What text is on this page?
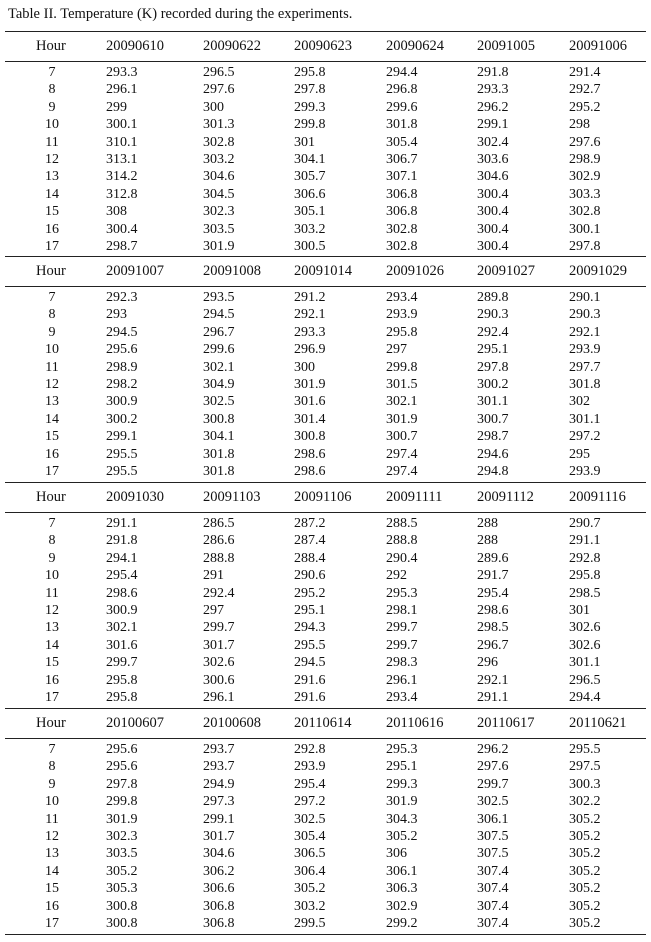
Table II. Temperature (K) recorded during the experiments.
Hour	20090610	20090622 20090623 20090624 20091005 20091006
7	293.3	296.5	295.8	294.4	291.8	291.4
8	296.1	297.6	297.8	296.8	293.3	292.7
9	299	300	299.3	299.6	296.2	295.2
10	300.1	301.3	299.8	301.8	299.1	298
11	310.1	302.8	301	305.4	302.4	297.6
12	313.1	303.2	304.1	306.7	303.6	298.9
13	314.2	304.6	305.7	307.1	304.6	302.9
14	312.8	304.5	306.6	306.8	300.4	303.3
15	308	302.3	305.1	306.8	300.4	302.8
16	300.4	303.5	303.2	302.8	300.4	300.1
17	298.7	301.9	300.5	302.8	300.4	297.8
Hour	20091007	20091008 20091014 20091026 20091027 20091029
7	292.3	293.5	291.2	293.4	289.8	290.1
8	293	294.5	292.1	293.9	290.3	290.3
9	294.5	296.7	293.3	295.8	292.4	292.1
10	295.6	299.6	296.9	297	295.1	293.9
11	298.9	302.1	300	299.8	297.8	297.7
12	298.2	304.9	301.9	301.5	300.2	301.8
13	300.9	302.5	301.6	302.1	301.1	302
14	300.2	300.8	301.4	301.9	300.7	301.1
15	299.1	304.1	300.8	300.7	298.7	297.2
16	295.5	301.8	298.6	297.4	294.6	295
17	295.5	301.8	298.6	297.4	294.8	293.9
Hour	20091030	20091103 20091106 20091111 20091112 20091116
7	291.1	286.5	287.2	288.5	288	290.7
8	291.8	286.6	287.4	288.8	288	291.1
9	294.1	288.8	288.4	290.4	289.6	292.8
10	295.4	291	290.6	292	291.7	295.8
11	298.6	292.4	295.2	295.3	295.4	298.5
12	300.9	297	295.1	298.1	298.6	301
13	302.1	299.7	294.3	299.7	298.5	302.6
14	301.6	301.7	295.5	299.7	296.7	302.6
15	299.7	302.6	294.5	298.3	296	301.1
16	295.8	300.6	291.6	296.1	292.1	296.5
17	295.8	296.1	291.6	293.4	291.1	294.4
Hour	20100607	20100608 20110614 20110616 20110617 20110621
7	295.6	293.7	292.8	295.3	296.2	295.5
8	295.6	293.7	293.9	295.1	297.6	297.5
9	297.8	294.9	295.4	299.3	299.7	300.3
10	299.8	297.3	297.2	301.9	302.5	302.2
11	301.9	299.1	302.5	304.3	306.1	305.2
12	302.3	301.7	305.4	305.2	307.5	305.2
13	303.5	304.6	306.5	306	307.5	305.2
14	305.2	306.2	306.4	306.1	307.4	305.2
15	305.3	306.6	305.2	306.3	307.4	305.2
16	300.8	306.8	303.2	302.9	307.4	305.2
17	300.8	306.8	299.5	299.2	307.4	305.2
